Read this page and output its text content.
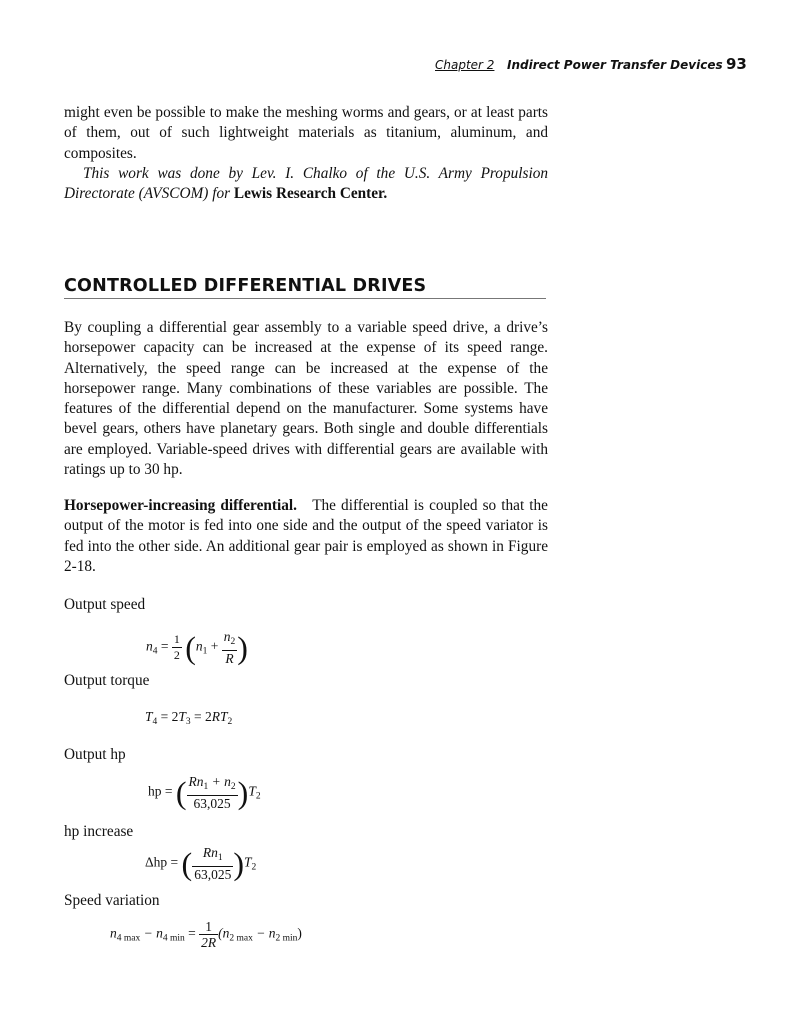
Chapter 2 Indirect Power Transfer Devices 93

might even be possible to make the meshing worms and gears, or at least parts of them, out of such lightweight materials as titanium, aluminum, and composites.

This work was done by Lev. I. Chalko of the U.S. Army Propulsion Directorate (AVSCOM) for Lewis Research Center.

CONTROLLED DIFFERENTIAL DRIVES

By coupling a differential gear assembly to a variable speed drive, a drive’s horsepower capacity can be increased at the expense of its speed range. Alternatively, the speed range can be increased at the expense of the horsepower range. Many combinations of these variables are possible. The features of the differential depend on the manufacturer. Some systems have bevel gears, others have planetary gears. Both single and double differentials are employed. Variable-speed drives with differential gears are available with ratings up to 30 hp.

Horsepower-increasing differential. The differential is coupled so that the output of the motor is fed into one side and the output of the speed variator is fed into the other side. An additional gear pair is employed as shown in Figure 2-18.

Output speed
$n_4 = \frac{1}{2} (n_1 + \frac{n_2}{R}$ )
Output torque
$T_4 = 2T_3 = 2RT_2$
Output hp
hp = ( $\frac{Rn_1 + n_2}{63,025} )T_2$
hp increase
Δhp = ( $\frac{Rn_1}{63,025} )T_2$
Speed variation
$n_{4 max} - n_{4 min} = \frac{1}{2R} (n_{2 max} - n_{2 min})$
